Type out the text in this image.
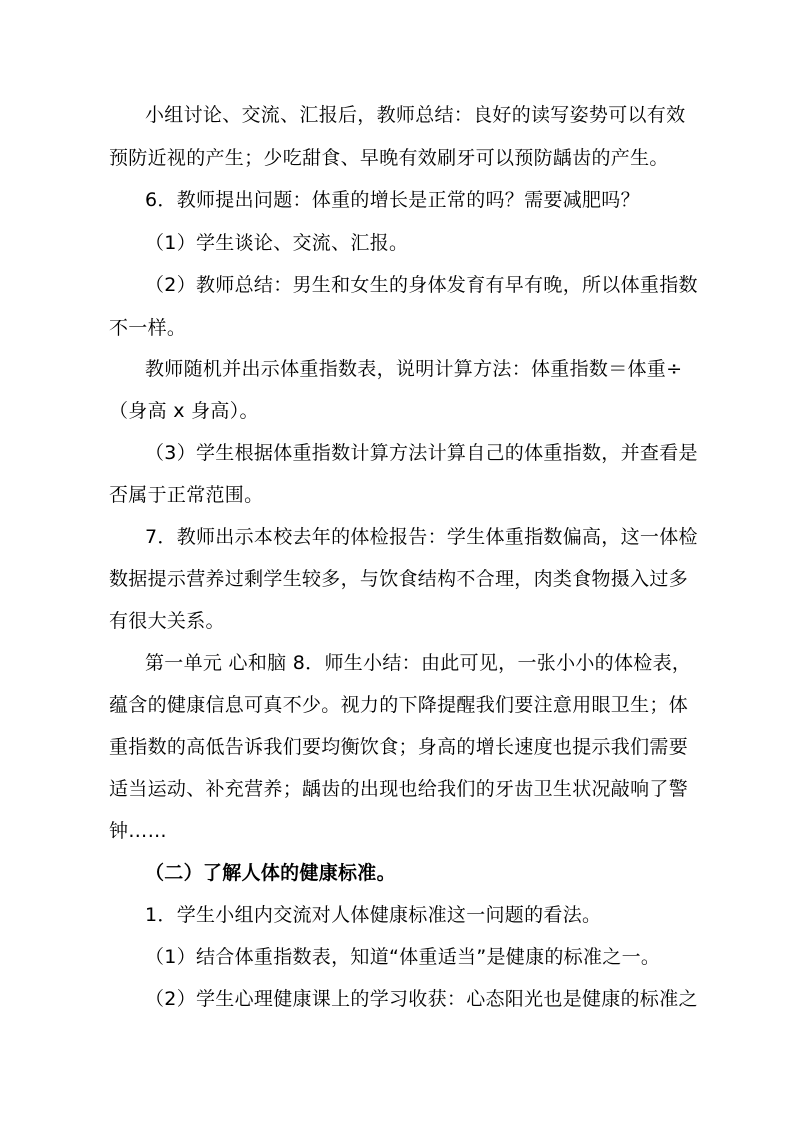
小组讨论、交流、汇报后，教师总结：良好的读写姿势可以有效

预防近视的产生；少吃甜食、早晚有效刷牙可以预防龋齿的产生。

6．教师提出问题：体重的增长是正常的吗？需要减肥吗？

（1）学生谈论、交流、汇报。

（2）教师总结：男生和女生的身体发育有早有晚，所以体重指数

不一样。

教师随机并出示体重指数表，说明计算方法：体重指数＝体重÷

（身高 x 身高）。

（3）学生根据体重指数计算方法计算自己的体重指数，并查看是

否属于正常范围。

7．教师出示本校去年的体检报告：学生体重指数偏高，这一体检

数据提示营养过剩学生较多，与饮食结构不合理，肉类食物摄入过多

有很大关系。

第一单元 心和脑 8．师生小结：由此可见，一张小小的体检表，

蕴含的健康信息可真不少。视力的下降提醒我们要注意用眼卫生；体

重指数的高低告诉我们要均衡饮食；身高的增长速度也提示我们需要

适当运动、补充营养；龋齿的出现也给我们的牙齿卫生状况敲响了警

钟……

（二）了解人体的健康标准。

1．学生小组内交流对人体健康标准这一问题的看法。

（1）结合体重指数表，知道“体重适当”是健康的标准之一。

（2）学生心理健康课上的学习收获：心态阳光也是健康的标准之
